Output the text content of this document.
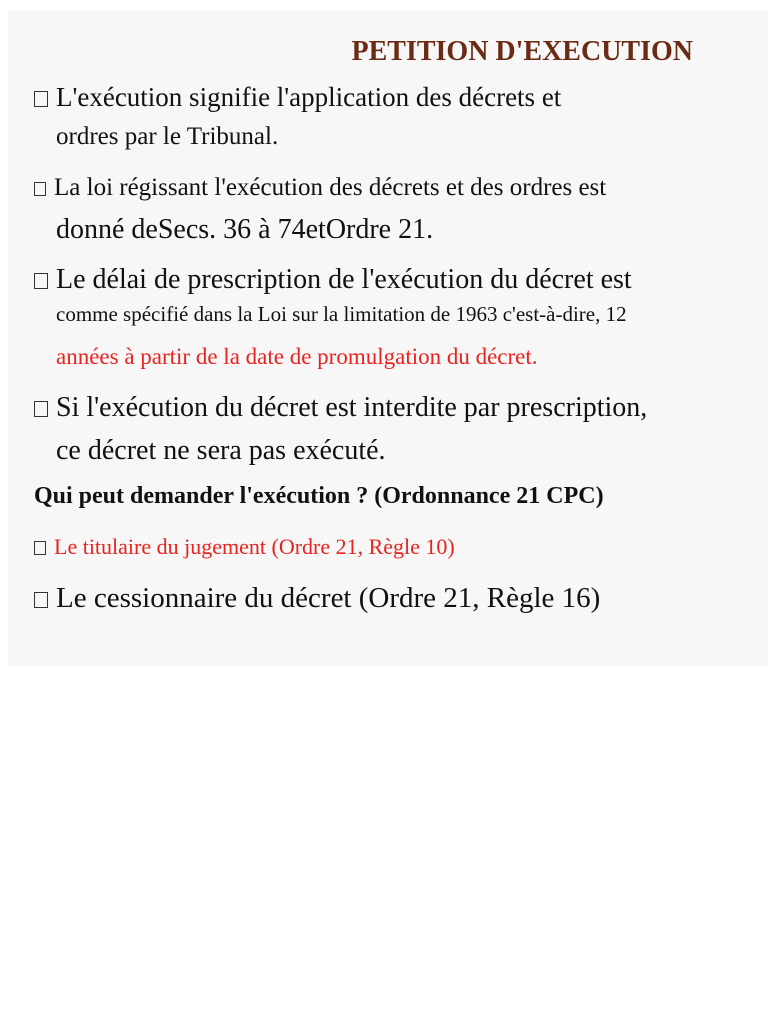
PETITION D'EXECUTION
L'exécution signifie l'application des décrets et
ordres par le Tribunal.
La loi régissant l'exécution des décrets et des ordres est
donné deSecs. 36 à 74etOrdre 21.
Le délai de prescription de l'exécution du décret est
comme spécifié dans la Loi sur la limitation de 1963 c'est-à-dire, 12
années à partir de la date de promulgation du décret.
Si l'exécution du décret est interdite par prescription,
ce décret ne sera pas exécuté.
Qui peut demander l'exécution ? (Ordonnance 21 CPC)
Le titulaire du jugement (Ordre 21, Règle 10)
Le cessionnaire du décret (Ordre 21, Règle 16)
